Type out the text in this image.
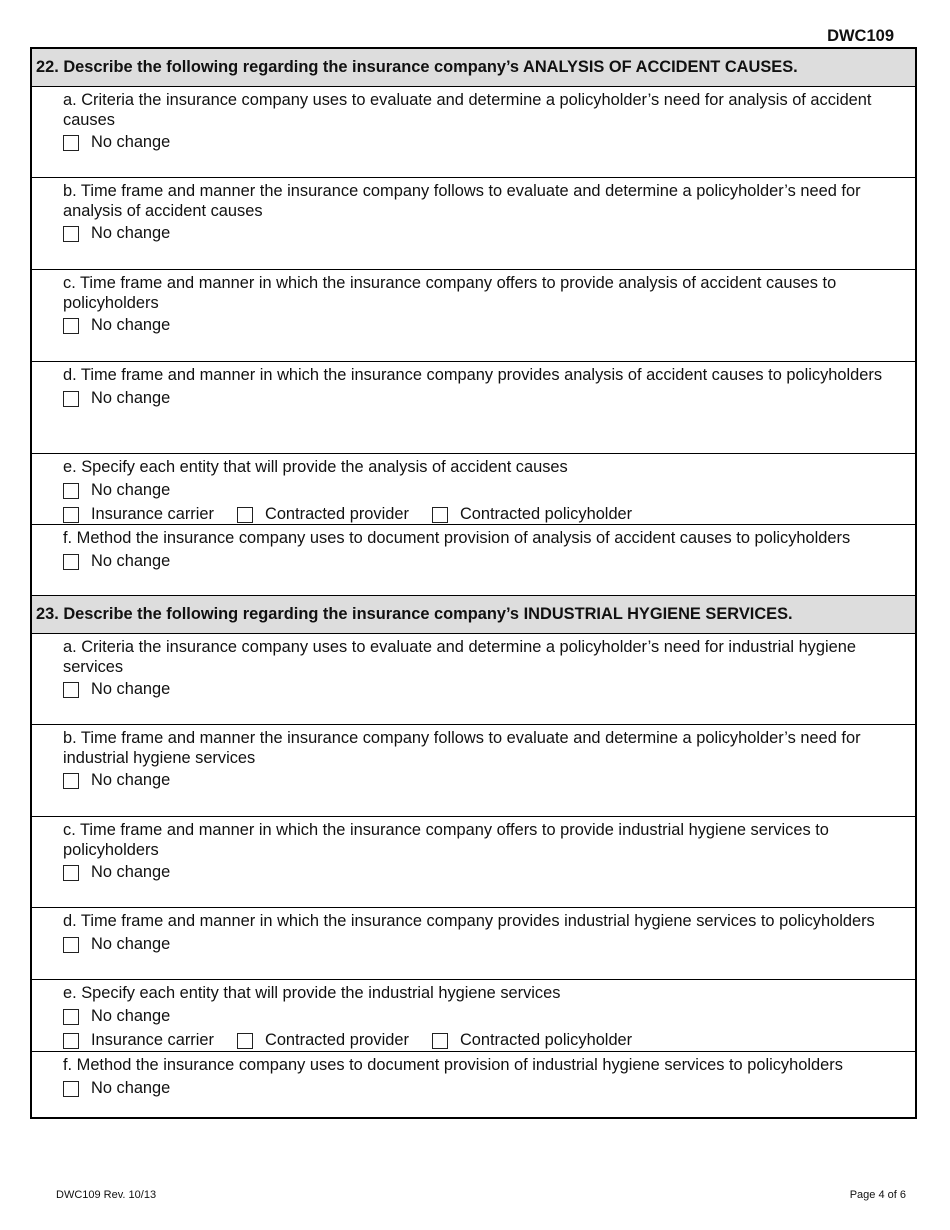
DWC109
22. Describe the following regarding the insurance company’s ANALYSIS OF ACCIDENT CAUSES.

a. Criteria the insurance company uses to evaluate and determine a policyholder’s need for analysis of accident causes

No change

b. Time frame and manner the insurance company follows to evaluate and determine a policyholder’s need for analysis of accident causes

No change

c. Time frame and manner in which the insurance company offers to provide analysis of accident causes to policyholders

No change

d. Time frame and manner in which the insurance company provides analysis of accident causes to policyholders

No change

e. Specify each entity that will provide the analysis of accident causes

No change
Insurance carrier	Contracted provider	Contracted policyholder

f. Method the insurance company uses to document provision of analysis of accident causes to policyholders

No change
23. Describe the following regarding the insurance company’s INDUSTRIAL HYGIENE SERVICES.

a. Criteria the insurance company uses to evaluate and determine a policyholder’s need for industrial hygiene services

No change

b. Time frame and manner the insurance company follows to evaluate and determine a policyholder’s need for industrial hygiene services

No change

c. Time frame and manner in which the insurance company offers to provide industrial hygiene services to policyholders

No change

d. Time frame and manner in which the insurance company provides industrial hygiene services to policyholders

No change

e. Specify each entity that will provide the industrial hygiene services

No change
Insurance carrier	Contracted provider	Contracted policyholder

f. Method the insurance company uses to document provision of industrial hygiene services to policyholders

No change
DWC109 Rev. 10/13	Page 4 of 6
